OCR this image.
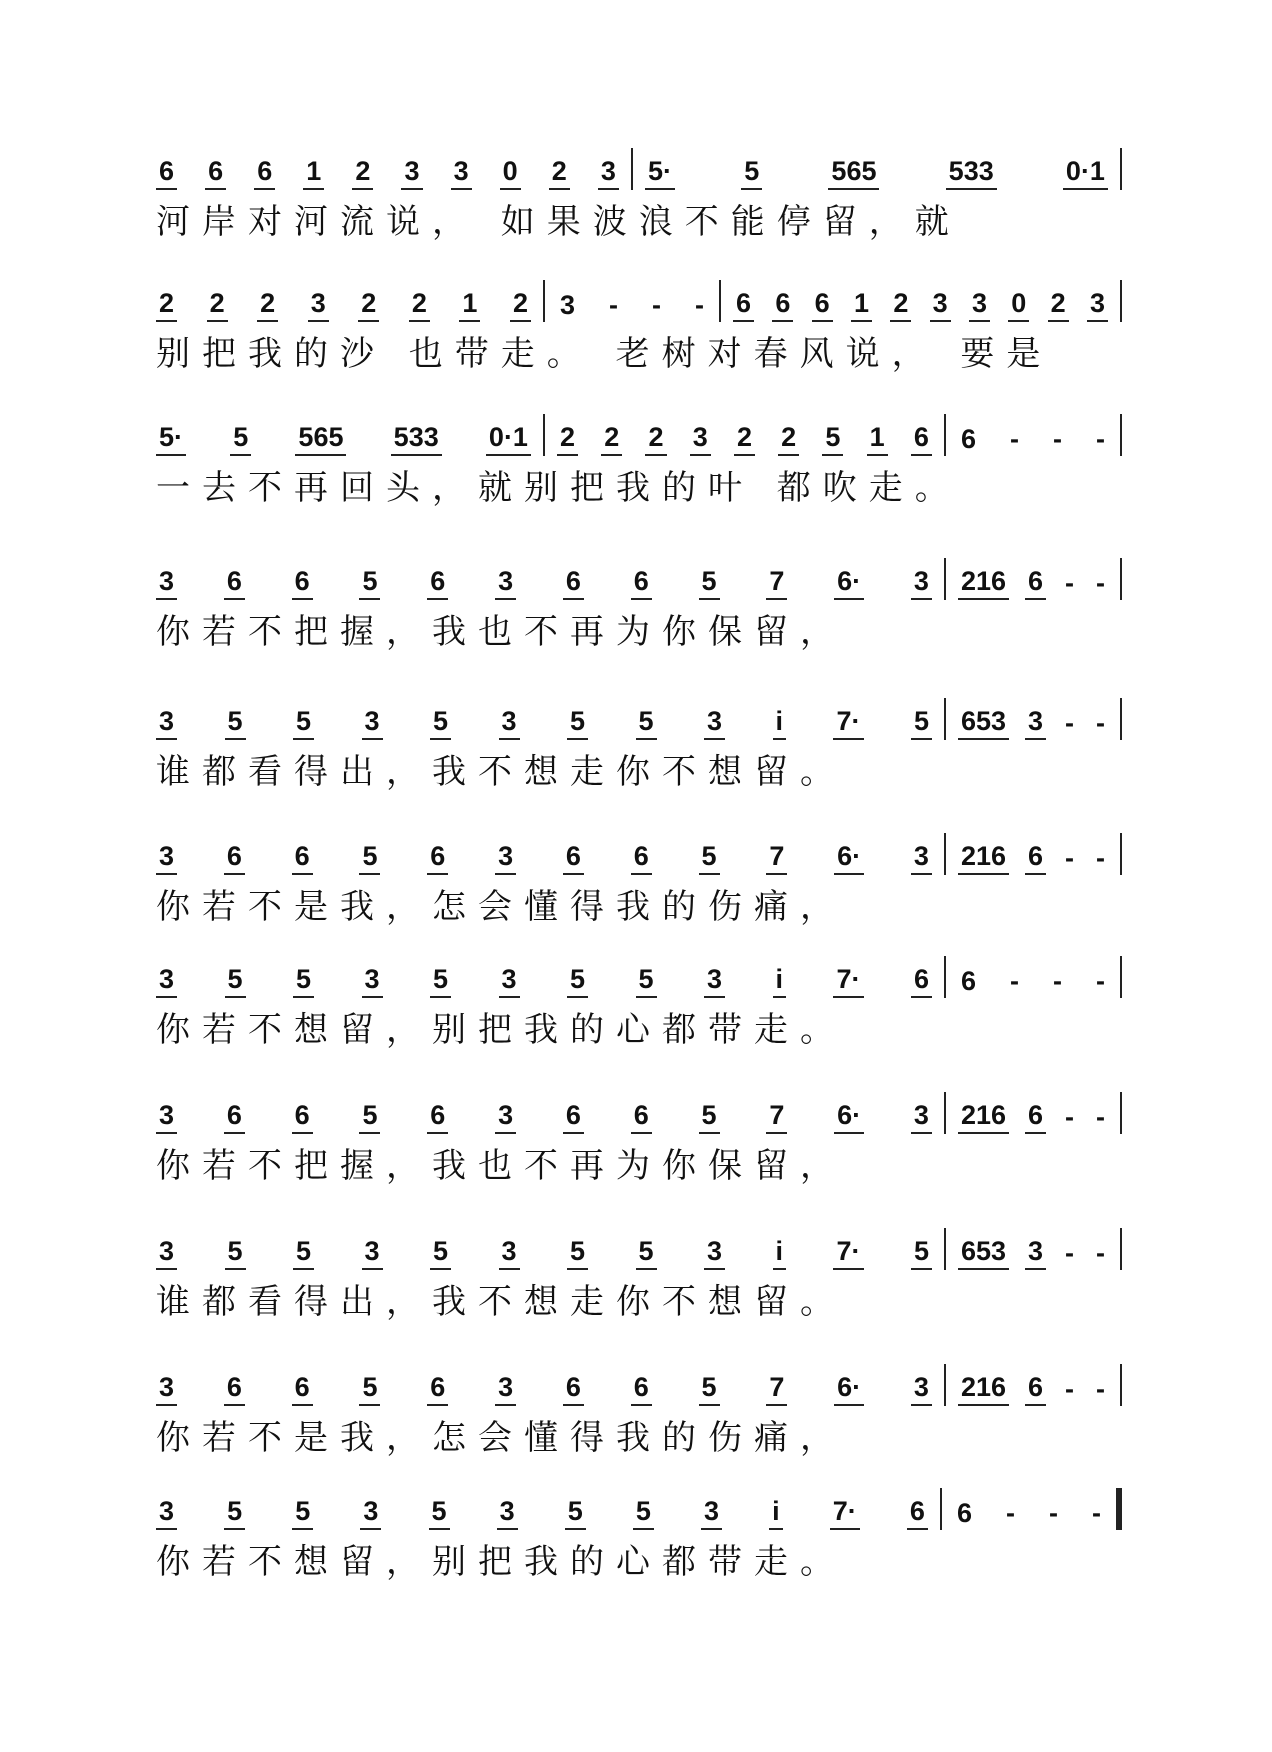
6 6 6 1 2 3 3 0 2 3 5·	5	565	533	0·1
河岸对河流说， 如果波浪不能停留，就
2 2 2 3 2 2 1 2 3 - - - 6 6 6 1 2 3 3 0 2 3
别把我的沙 也带走。 老树对春风说， 要是
5· 5 565 533 0·1 2 2 2 3 2 2 5 1 6 6 - - -
一去不再回头，就别把我的叶 都吹走。
3 6 6 5 6 3 6 6 5 7 6· 3 216 6 - -
你若不把握，我也不再为你保留，
3 5 5 3 5 3 5 5 3 i 7· 5 653 3 - -
谁都看得出，我不想走你不想留。
3 6 6 5 6 3 6 6 5 7 6· 3 216 6 - -
你若不是我，怎会懂得我的伤痛，
3 5 5 3 5 3 5 5 3 i 7· 6 6 - - -
你若不想留，别把我的心都带走。
3 6 6 5 6 3 6 6 5 7 6· 3 216 6 - -
你若不把握，我也不再为你保留，
3 5 5 3 5 3 5 5 3 i 7· 5 653 3 - -
谁都看得出，我不想走你不想留。
3 6 6 5 6 3 6 6 5 7 6· 3 216 6 - -
你若不是我，怎会懂得我的伤痛，
3 5 5 3 5 3 5 5 3 i 7· 6 6 - - -
你若不想留，别把我的心都带走。
